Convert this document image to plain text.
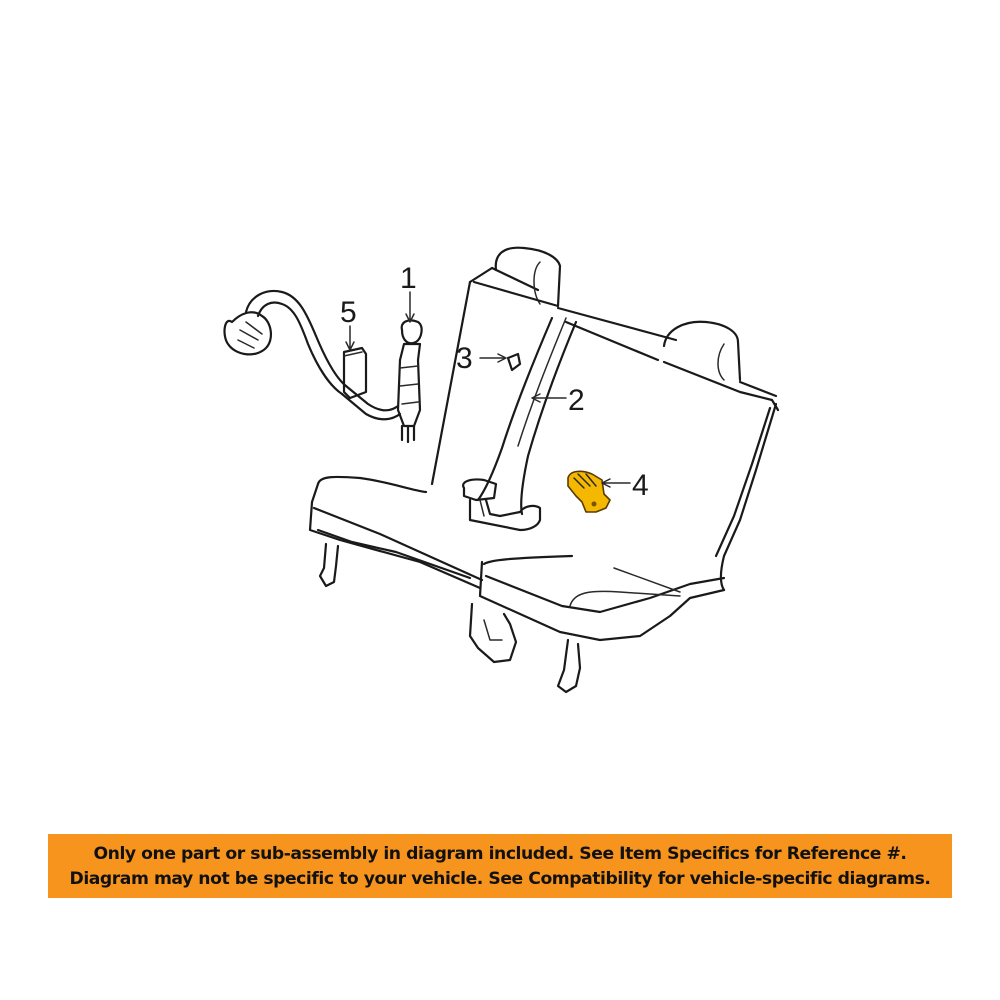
1
5
3
2
4
Only one part or sub-assembly in diagram included. See Item Specifics for Reference #.
Diagram may not be specific to your vehicle. See Compatibility for vehicle-specific diagrams.
